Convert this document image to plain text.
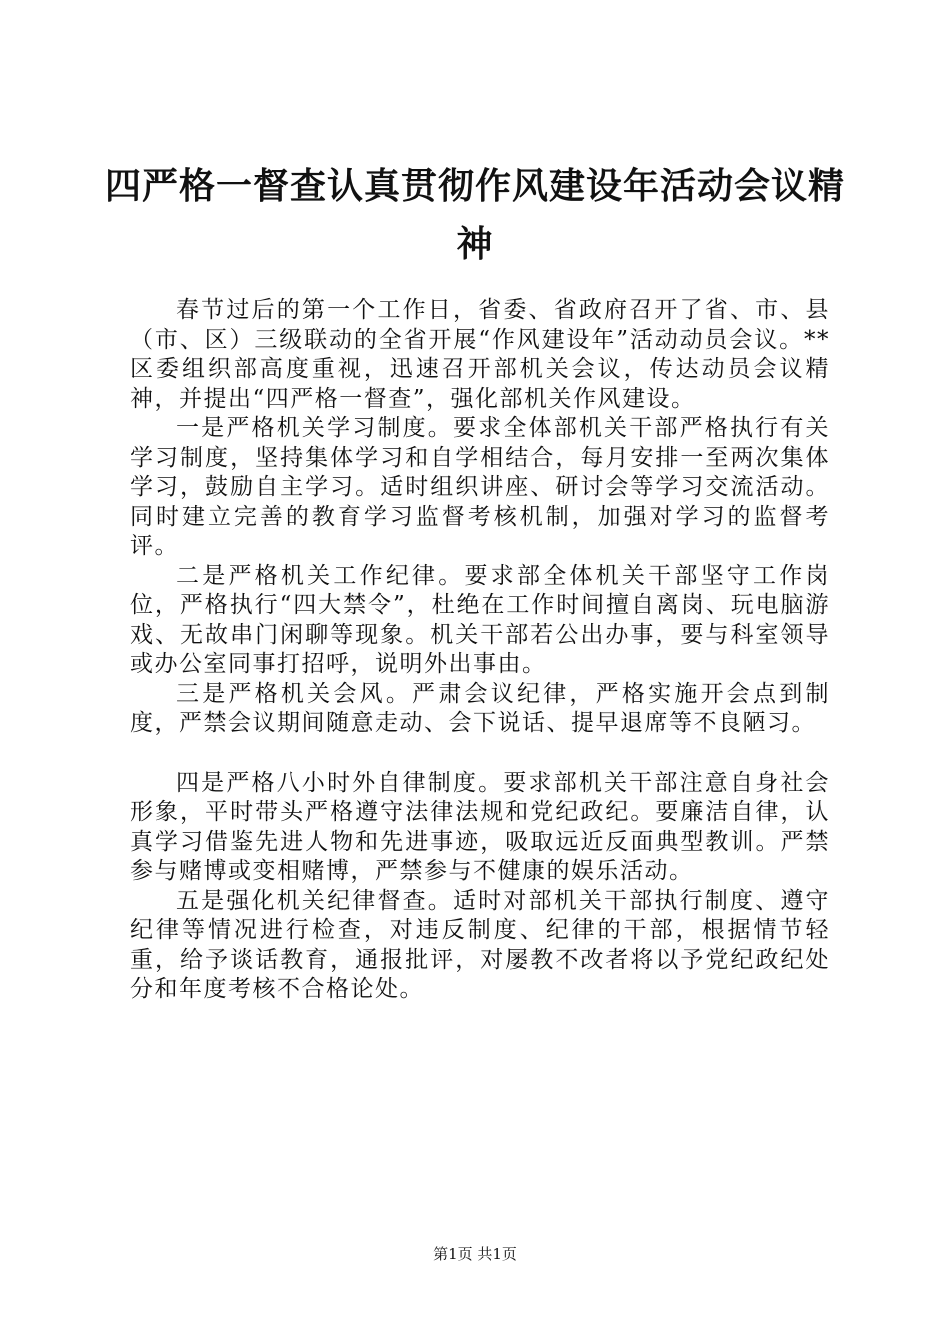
四严格一督查认真贯彻作风建设年活动会议精神

春节过后的第一个工作日，省委、省政府召开了省、市、县（市、区）三级联动的全省开展“作风建设年”活动动员会议。**区委组织部高度重视，迅速召开部机关会议，传达动员会议精神，并提出“四严格一督查”，强化部机关作风建设。

一是严格机关学习制度。要求全体部机关干部严格执行有关学习制度，坚持集体学习和自学相结合，每月安排一至两次集体学习，鼓励自主学习。适时组织讲座、研讨会等学习交流活动。同时建立完善的教育学习监督考核机制，加强对学习的监督考评。

二是严格机关工作纪律。要求部全体机关干部坚守工作岗位，严格执行“四大禁令”，杜绝在工作时间擅自离岗、玩电脑游戏、无故串门闲聊等现象。机关干部若公出办事，要与科室领导或办公室同事打招呼，说明外出事由。

三是严格机关会风。严肃会议纪律，严格实施开会点到制度，严禁会议期间随意走动、会下说话、提早退席等不良陋习。

四是严格八小时外自律制度。要求部机关干部注意自身社会形象，平时带头严格遵守法律法规和党纪政纪。要廉洁自律，认真学习借鉴先进人物和先进事迹，吸取远近反面典型教训。严禁参与赌博或变相赌博，严禁参与不健康的娱乐活动。

五是强化机关纪律督查。适时对部机关干部执行制度、遵守纪律等情况进行检查，对违反制度、纪律的干部，根据情节轻重，给予谈话教育，通报批评，对屡教不改者将以予党纪政纪处分和年度考核不合格论处。

第1页 共1页
